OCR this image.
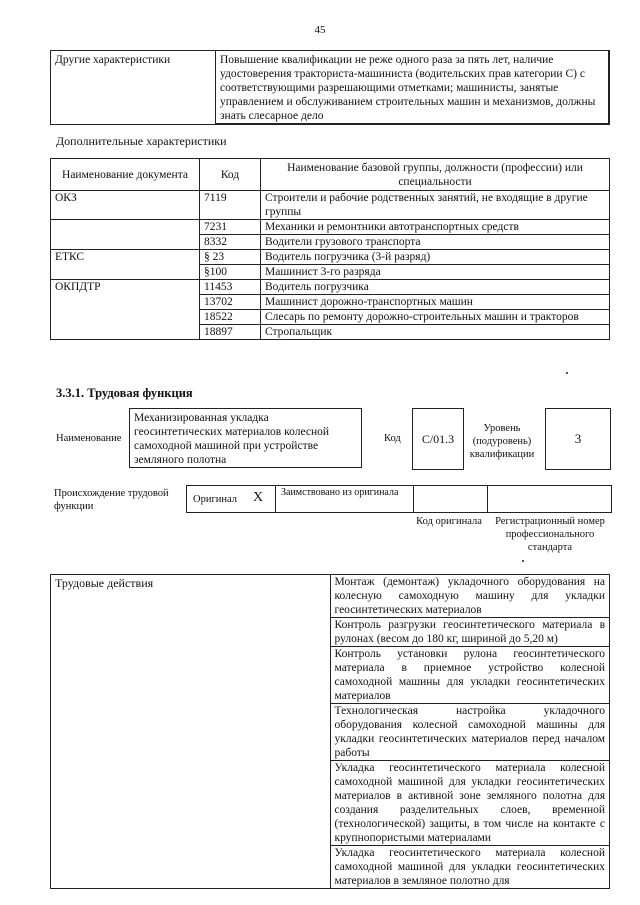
45
Другие характеристики	Повышение квалификации не реже одного раза за пять лет, наличие удостоверения тракториста-машиниста (водительских прав категории С) с соответствующими разрешающими отметками; машинисты, занятые управлением и обслуживанием строительных машин и механизмов, должны знать слесарное дело
Дополнительные характеристики
Наименование документа	Код	Наименование базовой группы, должности (профессии) или специальности
ОКЗ	7119	Строители и рабочие родственных занятий, не входящие в другие группы
	7231	Механики и ремонтники автотранспортных средств
	8332	Водители грузового транспорта
ЕТКС	§ 23	Водитель погрузчика (3-й разряд)
	§100	Машинист 3-го разряда
ОКПДТР	11453	Водитель погрузчика
	13702	Машинист дорожно-транспортных машин
	18522	Слесарь по ремонту дорожно-строительных машин и тракторов
	18897	Стропальщик
3.3.1. Трудовая функция
Наименование
Механизированная укладка геосинтетических материалов колесной самоходной машиной при устройстве земляного полотна
Код	C/01.3
Уровень (подуровень) квалификации
3
Происхождение трудовой функции
Оригинал X Заимствовано из оригинала
Код оригинала	Регистрационный номер профессионального стандарта
Трудовые действия	Монтаж (демонтаж) укладочного оборудования на колесную самоходную машину для укладки геосинтетических материалов
Контроль разгрузки геосинтетического материала в рулонах (весом до 180 кг, шириной до 5,20 м)
Контроль установки рулона геосинтетического материала в приемное устройство колесной самоходной машины для укладки геосинтетических материалов
Технологическая настройка укладочного оборудования колесной самоходной машины для укладки геосинтетических материалов перед началом работы
Укладка геосинтетического материала колесной самоходной машиной для укладки геосинтетических материалов в активной зоне земляного полотна для создания разделительных слоев, временной (технологической) защиты, в том числе на контакте с крупнопористыми материалами
Укладка геосинтетического материала колесной самоходной машиной для укладки геосинтетических материалов в земляное полотно для
